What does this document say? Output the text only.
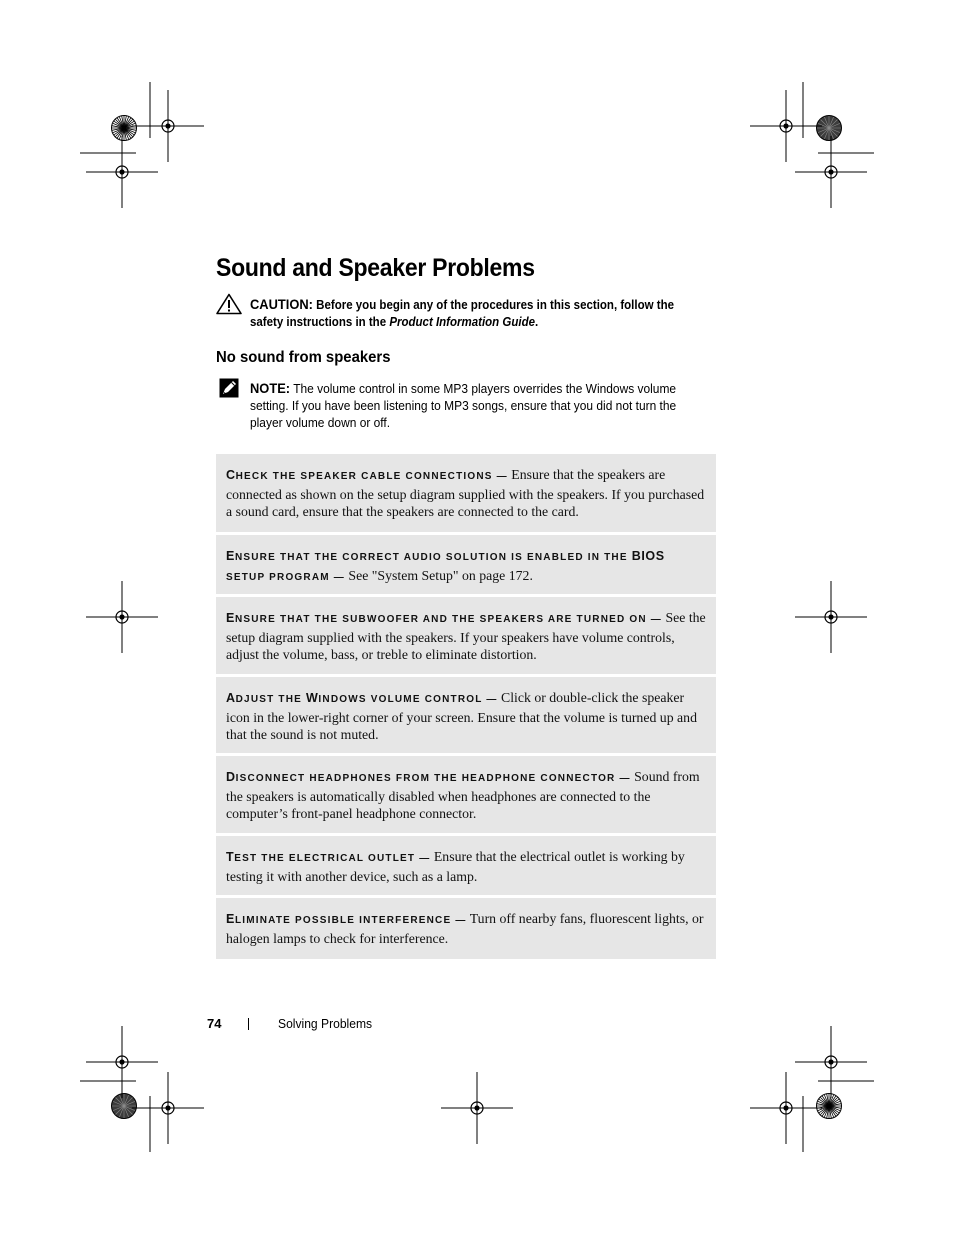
Sound and Speaker Problems
CAUTION: Before you begin any of the procedures in this section, follow the safety instructions in the Product Information Guide.
No sound from speakers
NOTE: The volume control in some MP3 players overrides the Windows volume setting. If you have been listening to MP3 songs, ensure that you did not turn the player volume down or off.
CHECK THE SPEAKER CABLE CONNECTIONS — Ensure that the speakers are connected as shown on the setup diagram supplied with the speakers. If you purchased a sound card, ensure that the speakers are connected to the card.
ENSURE THAT THE CORRECT AUDIO SOLUTION IS ENABLED IN THE BIOS SETUP PROGRAM — See "System Setup" on page 172.
ENSURE THAT THE SUBWOOFER AND THE SPEAKERS ARE TURNED ON — See the setup diagram supplied with the speakers. If your speakers have volume controls, adjust the volume, bass, or treble to eliminate distortion.
ADJUST THE WINDOWS VOLUME CONTROL — Click or double-click the speaker icon in the lower-right corner of your screen. Ensure that the volume is turned up and that the sound is not muted.
DISCONNECT HEADPHONES FROM THE HEADPHONE CONNECTOR — Sound from the speakers is automatically disabled when headphones are connected to the computer’s front-panel headphone connector.
TEST THE ELECTRICAL OUTLET — Ensure that the electrical outlet is working by testing it with another device, such as a lamp.
ELIMINATE POSSIBLE INTERFERENCE — Turn off nearby fans, fluorescent lights, or halogen lamps to check for interference.
74	Solving Problems
